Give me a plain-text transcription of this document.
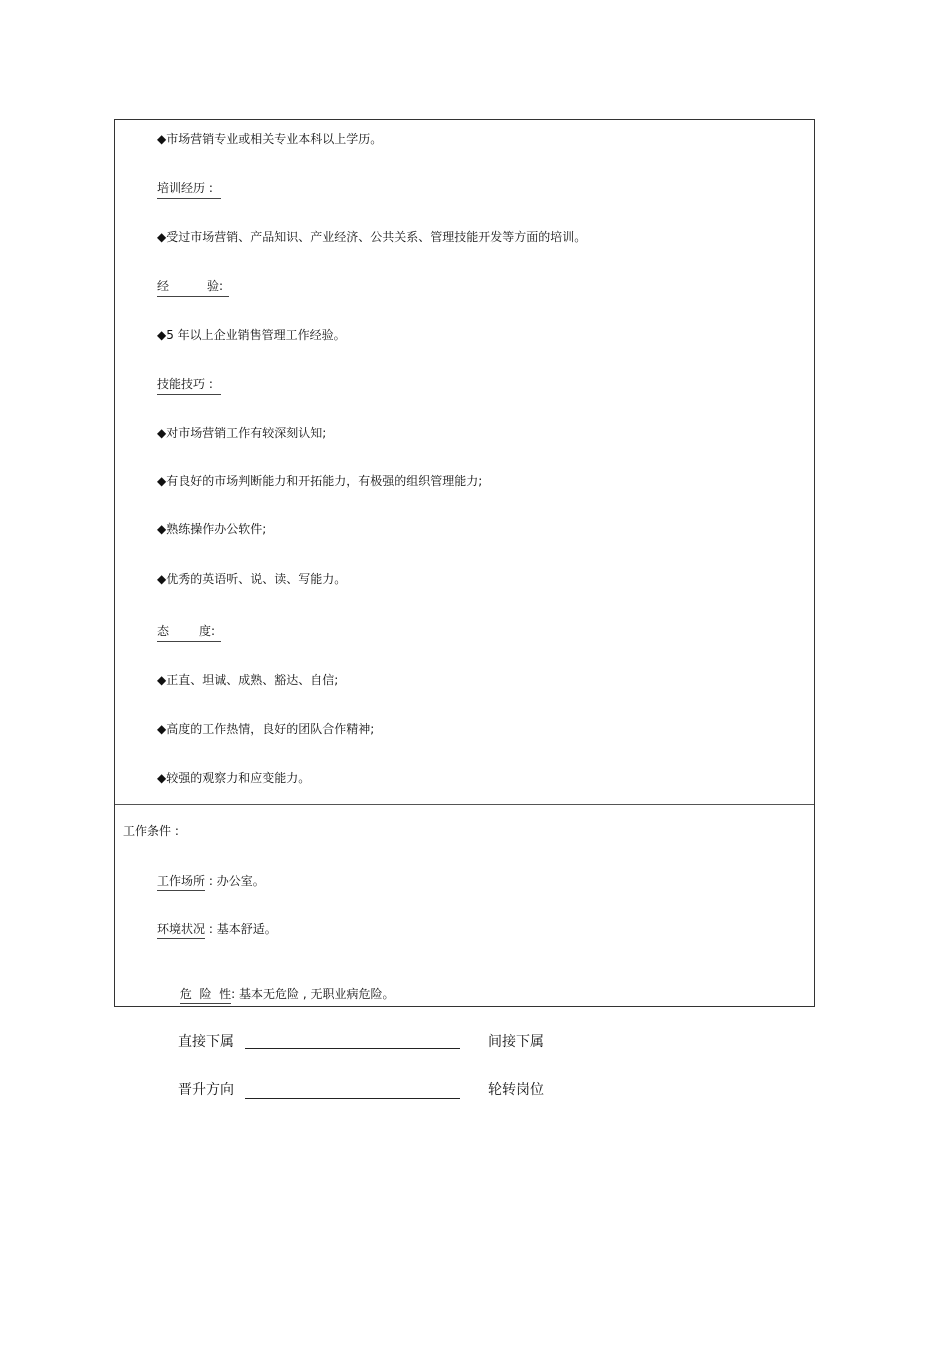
◆市场营销专业或相关专业本科以上学历。
培训经历 :
◆受过市场营销、产品知识、产业经济、公共关系、管理技能开发等方面的培训。
经	验:
◆5 年以上企业销售管理工作经验。
技能技巧 :
◆对市场营销工作有较深刻认知;
◆有良好的市场判断能力和开拓能力，有极强的组织管理能力;
◆熟练操作办公软件;
◆优秀的英语听、说、读、写能力。
态 度:
◆正直、坦诚、成熟、豁达、自信;
◆高度的工作热情，良好的团队合作精神;
◆较强的观察力和应变能力。
工作条件 :
工作场所 : 办公室。
环境状况 : 基本舒适。

危  险  性: 基本无危险 , 无职业病危险。

直接下属	间接下属
晋升方向	轮转岗位
